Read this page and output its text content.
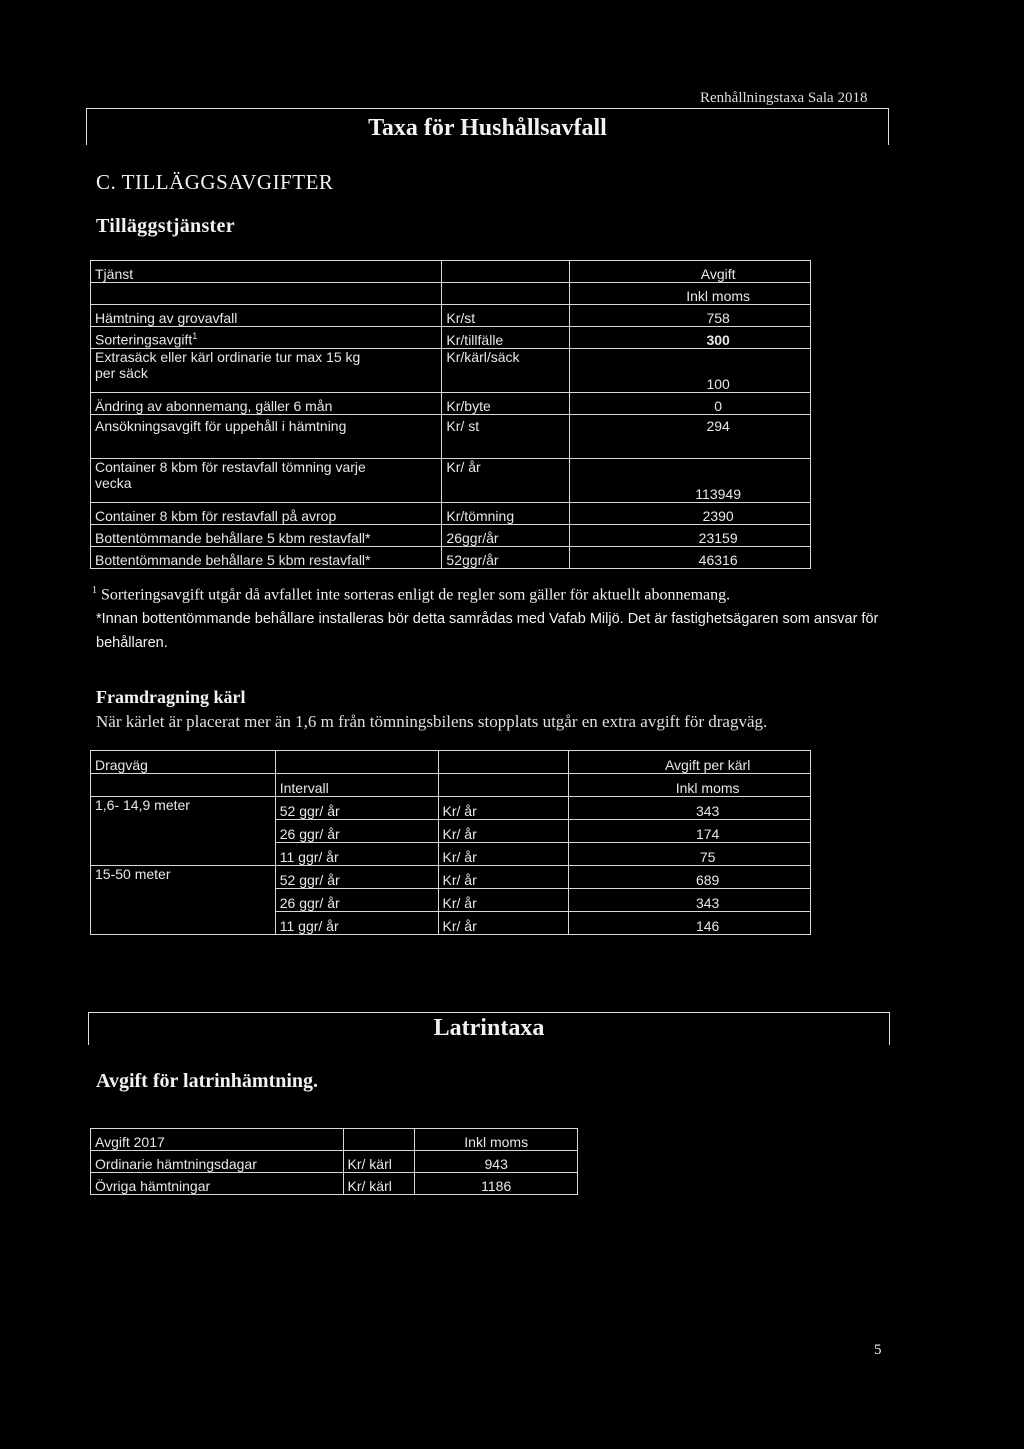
Renhållningstaxa Sala 2018
Taxa för Hushållsavfall
C. TILLÄGGSAVGIFTER
Tilläggstjänster
Tjänst		Avgift
		Inkl moms
Hämtning av grovavfall	Kr/st	758
Sorteringsavgift$^1$	Kr/tillfälle	300

Extrasäck eller kärl ordinarie tur max 15 kg
per säck	Kr/kärl/säck	100
Ändring av abonnemang, gäller 6 mån	Kr/byte	0
Ansökningsavgift för uppehåll i hämtning	Kr/ st	294

Container 8 kbm för restavfall tömning varje
vecka	Kr/ år	113949
Container 8 kbm för restavfall på avrop	Kr/tömning	2390
Bottentömmande behållare 5 kbm restavfall*	26ggr/år	23159
Bottentömmande behållare 5 kbm restavfall*	52ggr/år	46316
$^1$ Sorteringsavgift utgår då avfallet inte sorteras enligt de regler som gäller för aktuellt abonnemang.
*Innan bottentömmande behållare installeras bör detta samrådas med Vafab Miljö. Det är fastighetsägaren som ansvar för behållaren.
Framdragning kärl
När kärlet är placerat mer än 1,6 m från tömningsbilens stopplats utgår en extra avgift för dragväg.
Dragväg			Avgift per kärl
	Intervall		Inkl moms
1,6- 14,9 meter	52 ggr/ år	Kr/ år	343
	26 ggr/ år	Kr/ år	174
	11 ggr/ år	Kr/ år	75
15-50 meter	52 ggr/ år	Kr/ år	689
	26 ggr/ år	Kr/ år	343
	11 ggr/ år	Kr/ år	146
Latrintaxa
Avgift för latrinhämtning.
Avgift 2017		Inkl moms
Ordinarie hämtningsdagar	Kr/ kärl	943
Övriga hämtningar	Kr/ kärl	1186
5
